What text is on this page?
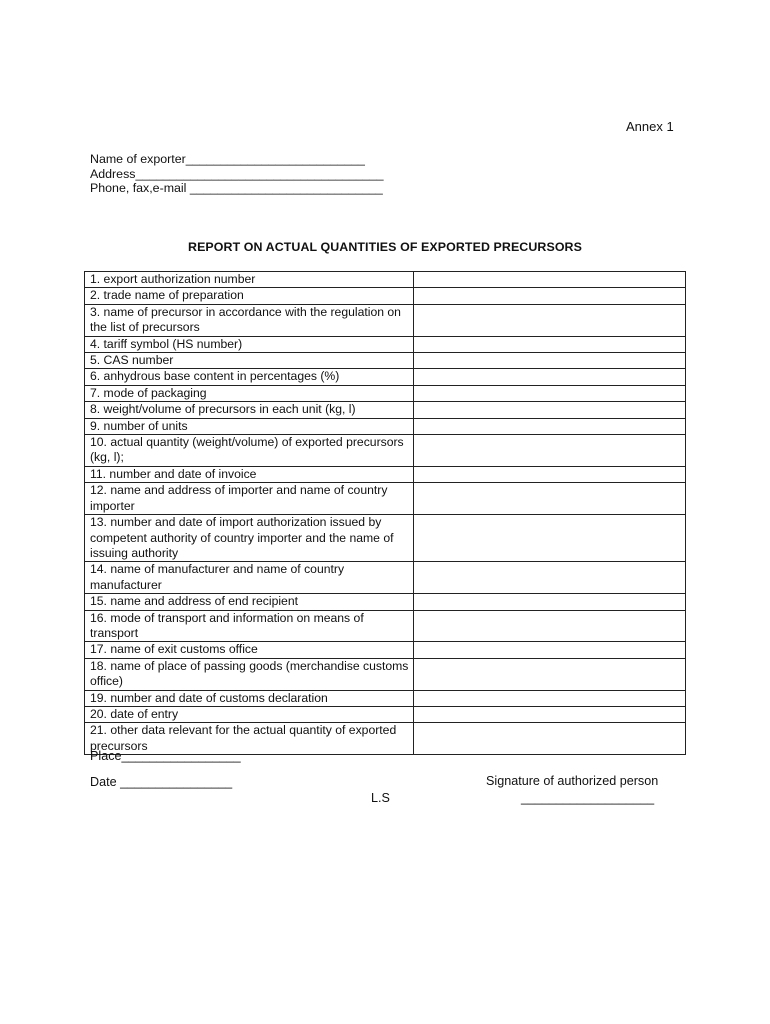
Annex 1
Name of exporter__________________________
Address____________________________________
Phone, fax,e-mail ____________________________
REPORT ON ACTUAL QUANTITIES OF EXPORTED PRECURSORS
1. export authorization number	
2. trade name of preparation	
3. name of precursor in accordance with the regulation on the list of precursors	
4. tariff symbol (HS number)	
5. CAS number	
6. anhydrous base content in percentages (%)	
7. mode of packaging	
8. weight/volume of precursors in each unit (kg, l)	
9. number of units	
10. actual quantity (weight/volume) of exported precursors (kg, l);	
11. number and date of invoice	
12. name and address of importer and name of country importer	
13. number and date of import authorization issued by competent authority of country importer and the name of issuing authority	
14. name of manufacturer and name of country manufacturer	
15. name and address of end recipient	
16. mode of transport and information on means of transport	
17. name of exit customs office	
18. name of place of passing goods (merchandise customs office)	
19. number and date of customs declaration	
20. date of entry	
21. other data relevant for the actual quantity of exported precursors	
Place_________________
Date ________________
L.S
Signature of authorized person
___________________
